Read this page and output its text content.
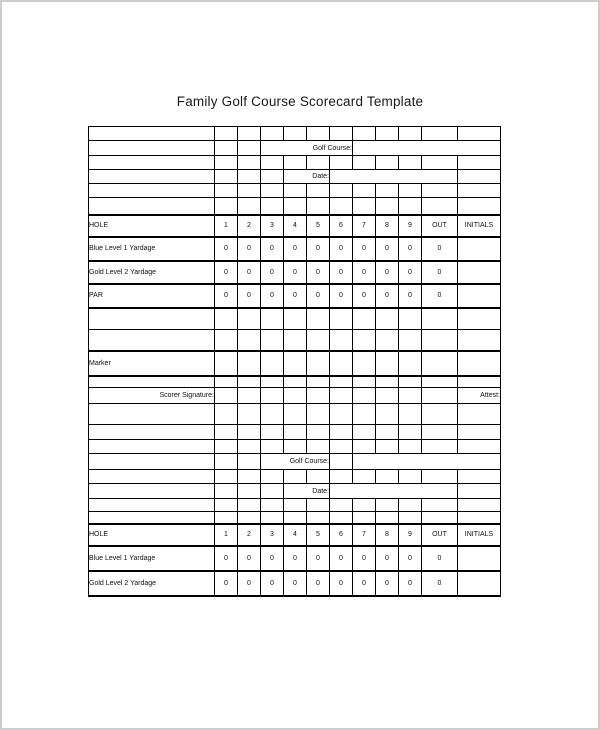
Family Golf Course Scorecard Template

			Golf Course:								

				Date:							

HOLE	1	2	3	4	5	6	7	8	9	OUT	INITIALS
Blue Level 1 Yardage	0	0	0	0	0	0	0	0	0	0	
Gold Level 2 Yardage	0	0	0	0	0	0	0	0	0	0	
PAR	0	0	0	0	0	0	0	0	0	0	

Marker											

Scorer Signature:											Attest:

			Golf Course:								

				Date:							

HOLE	1	2	3	4	5	6	7	8	9	OUT	INITIALS
Blue Level 1 Yardage	0	0	0	0	0	0	0	0	0	0	
Gold Level 2 Yardage	0	0	0	0	0	0	0	0	0	0	
